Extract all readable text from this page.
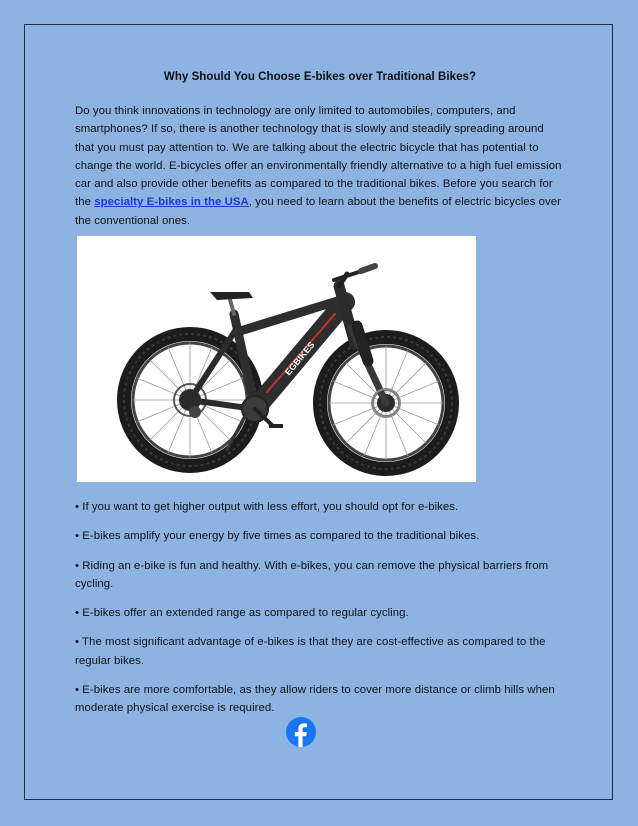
Why Should You Choose E-bikes over Traditional Bikes?

Do you think innovations in technology are only limited to automobiles, computers, and smartphones? If so, there is another technology that is slowly and steadily spreading around that you must pay attention to. We are talking about the electric bicycle that has potential to change the world. E-bicycles offer an environmentally friendly alternative to a high fuel emission car and also provide other benefits as compared to the traditional bikes. Before you search for the specialty E-bikes in the USA, you need to learn about the benefits of electric bicycles over the conventional ones.

EGBIKES

• If you want to get higher output with less effort, you should opt for e-bikes.

• E-bikes amplify your energy by five times as compared to the traditional bikes.

• Riding an e-bike is fun and healthy. With e-bikes, you can remove the physical barriers from cycling.

• E-bikes offer an extended range as compared to regular cycling.

• The most significant advantage of e-bikes is that they are cost-effective as compared to the regular bikes.

• E-bikes are more comfortable, as they allow riders to cover more distance or climb hills when moderate physical exercise is required.
